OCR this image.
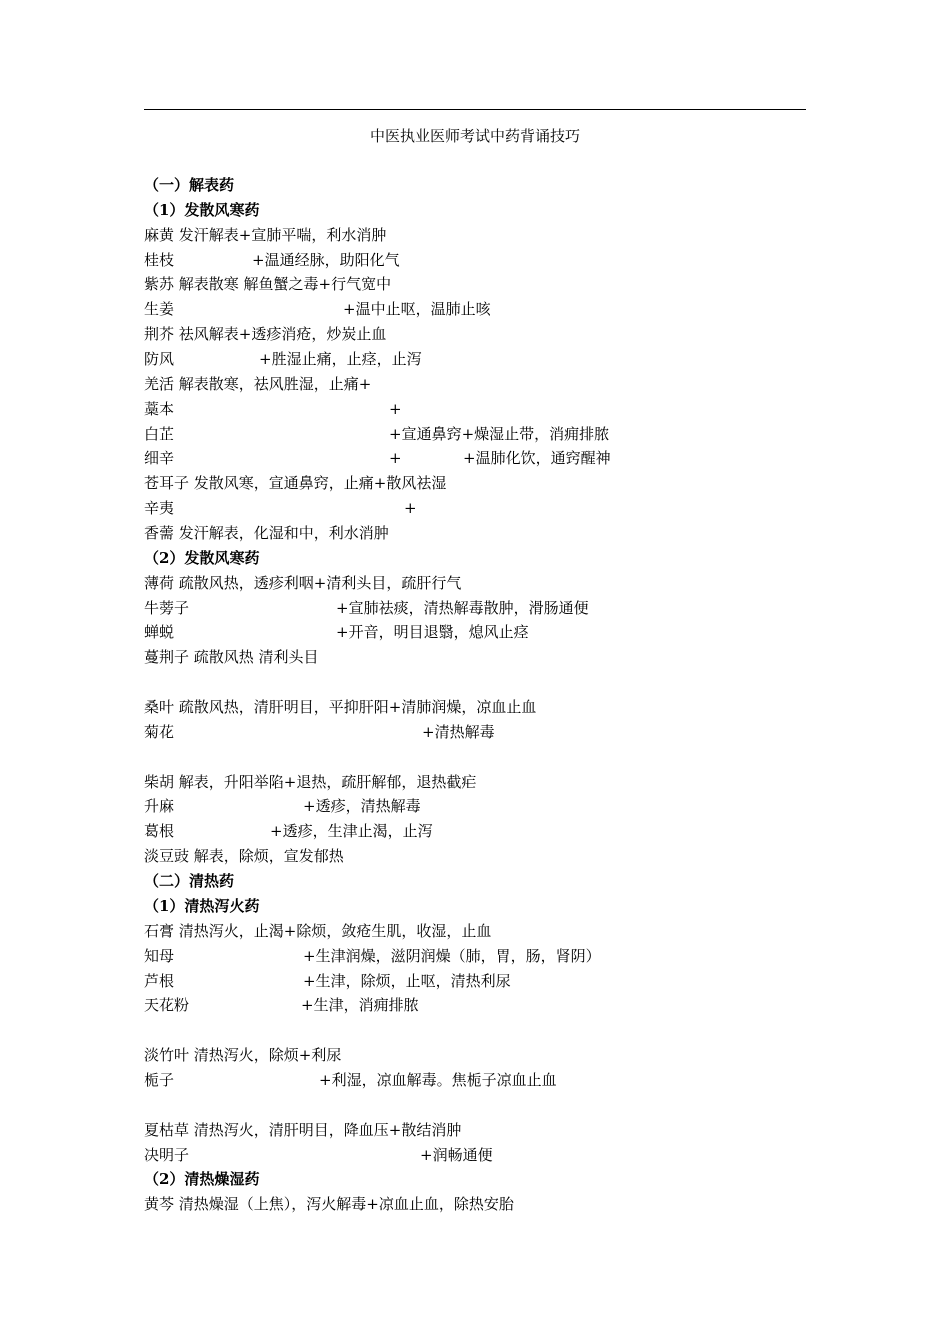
中医执业医师考试中药背诵技巧
（一）解表药
（1）发散风寒药
麻黄 发汗解表+宣肺平喘，利水消肿
桂枝	+温通经脉，助阳化气
紫苏 解表散寒 解鱼蟹之毒+行气宽中
生姜	+温中止呕，温肺止咳
荆芥 祛风解表+透疹消疮，炒炭止血
防风	+胜湿止痛，止痉，止泻
羌活 解表散寒，祛风胜湿，止痛+
藁本	+
白芷	+宣通鼻窍+燥湿止带，消痈排脓
细辛	+	+温肺化饮，通窍醒神
苍耳子 发散风寒，宣通鼻窍，止痛+散风祛湿
辛夷	+
香薷 发汗解表，化湿和中，利水消肿
（2）发散风寒药
薄荷 疏散风热，透疹利咽+清利头目，疏肝行气
牛蒡子	+宣肺祛痰，清热解毒散肿，滑肠通便
蝉蜕	+开音，明目退翳，熄风止痉
蔓荆子 疏散风热 清利头目
桑叶 疏散风热，清肝明目，平抑肝阳+清肺润燥，凉血止血
菊花	+清热解毒
柴胡 解表，升阳举陷+退热，疏肝解郁，退热截疟
升麻	+透疹，清热解毒
葛根	+透疹，生津止渴，止泻
淡豆豉 解表，除烦，宣发郁热
（二）清热药
（1）清热泻火药
石膏 清热泻火，止渴+除烦，敛疮生肌，收湿，止血
知母	+生津润燥，滋阴润燥（肺，胃，肠，肾阴）
芦根	+生津，除烦，止呕，清热利尿
天花粉	+生津，消痈排脓
淡竹叶 清热泻火，除烦+利尿
栀子	+利湿，凉血解毒。焦栀子凉血止血
夏枯草 清热泻火，清肝明目，降血压+散结消肿
决明子	+润畅通便
（2）清热燥湿药
黄芩 清热燥湿（上焦），泻火解毒+凉血止血，除热安胎
